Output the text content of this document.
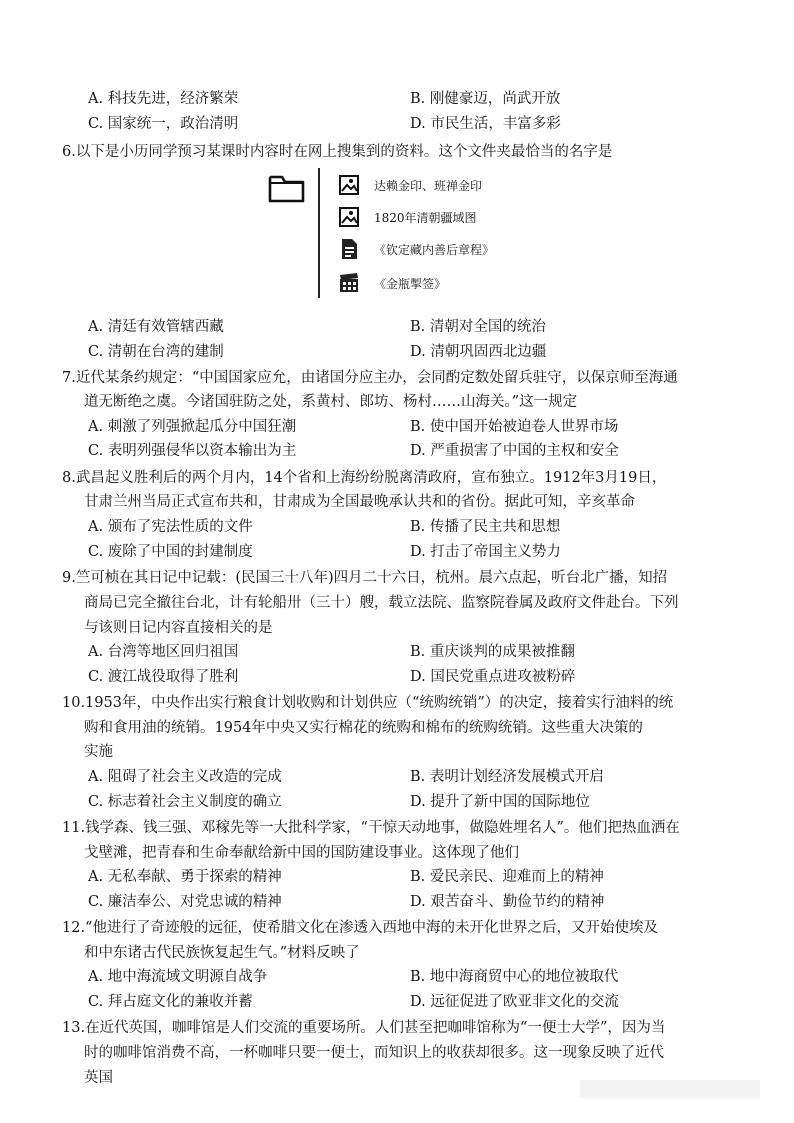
A. 科技先进，经济繁荣	B. 刚健豪迈，尚武开放
C. 国家统一，政治清明	D. 市民生活，丰富多彩
6.以下是小历同学预习某课时内容时在网上搜集到的资料。这个文件夹最恰当的名字是
达赖金印、班禅金印
1820年清朝疆域图
《钦定藏内善后章程》
《金瓶掣签》
A. 清廷有效管辖西藏	B. 清朝对全国的统治
C. 清朝在台湾的建制	D. 清朝巩固西北边疆
7.近代某条约规定：“中国国家应允，由诸国分应主办，会同酌定数处留兵驻守，以保京师至海通
道无断绝之虞。今诸国驻防之处，系黄村、郎坊、杨村……山海关。”这一规定
A. 刺激了列强掀起瓜分中国狂潮	B. 使中国开始被迫卷人世界市场
C. 表明列强侵华以资本输出为主	D. 严重损害了中国的主权和安全
8.武昌起义胜利后的两个月内，14个省和上海纷纷脱离清政府，宣布独立。1912年3月19日，
甘肃兰州当局正式宣布共和，甘肃成为全国最晚承认共和的省份。据此可知，辛亥革命
A. 颁布了宪法性质的文件	B. 传播了民主共和思想
C. 废除了中国的封建制度	D. 打击了帝国主义势力
9.竺可桢在其日记中记载：(民国三十八年)四月二十六日，杭州。晨六点起，听台北广播，知招
商局已完全撤往台北，计有轮船卅（三十）艘，载立法院、监察院眷属及政府文件赴台。下列
与该则日记内容直接相关的是
A. 台湾等地区回归祖国	B. 重庆谈判的成果被推翻
C. 渡江战役取得了胜利	D. 国民党重点进攻被粉碎
10.1953年，中央作出实行粮食计划收购和计划供应（“统购统销”）的决定，接着实行油料的统
购和食用油的统销。1954年中央又实行棉花的统购和棉布的统购统销。这些重大决策的
实施
A. 阻碍了社会主义改造的完成	B. 表明计划经济发展模式开启
C. 标志着社会主义制度的确立	D. 提升了新中国的国际地位
11.钱学森、钱三强、邓稼先等一大批科学家，“干惊天动地事，做隐姓埋名人”。他们把热血洒在
戈壁滩，把青春和生命奉献给新中国的国防建设事业。这体现了他们
A. 无私奉献、勇于探索的精神	B. 爱民亲民、迎难而上的精神
C. 廉洁奉公、对党忠诚的精神	D. 艰苦奋斗、勤俭节约的精神
12.“他进行了奇迹般的远征，使希腊文化在渗透入西地中海的未开化世界之后，又开始使埃及
和中东诸古代民族恢复起生气。”材料反映了
A. 地中海流域文明源自战争	B. 地中海商贸中心的地位被取代
C. 拜占庭文化的兼收并蓄	D. 远征促进了欧亚非文化的交流
13.在近代英国，咖啡馆是人们交流的重要场所。人们甚至把咖啡馆称为“一便士大学”，因为当
时的咖啡馆消费不高，一杯咖啡只要一便士，而知识上的收获却很多。这一现象反映了近代
英国
